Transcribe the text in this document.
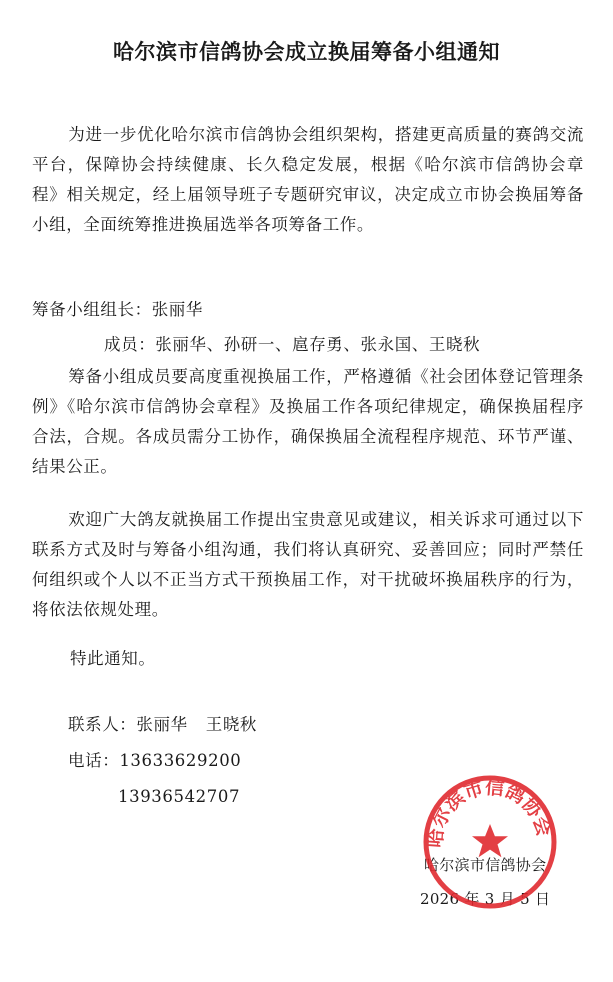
哈尔滨市信鸽协会成立换届筹备小组通知

为进一步优化哈尔滨市信鸽协会组织架构，搭建更高质量的赛鸽交流平台，保障协会持续健康、长久稳定发展，根据《哈尔滨市信鸽协会章程》相关规定，经上届领导班子专题研究审议，决定成立市协会换届筹备小组，全面统筹推进换届选举各项筹备工作。

筹备小组组长：张丽华

成员：张丽华、孙研一、扈存勇、张永国、王晓秋

筹备小组成员要高度重视换届工作，严格遵循《社会团体登记管理条例》《哈尔滨市信鸽协会章程》及换届工作各项纪律规定，确保换届程序合法，合规。各成员需分工协作，确保换届全流程程序规范、环节严谨、结果公正。

欢迎广大鸽友就换届工作提出宝贵意见或建议，相关诉求可通过以下联系方式及时与筹备小组沟通，我们将认真研究、妥善回应；同时严禁任何组织或个人以不正当方式干预换届工作，对干扰破坏换届秩序的行为，将依法依规处理。

特此通知。

联系人：张丽华 王晓秋

电话：13633629200

13936542707

哈尔滨市信鸽协会

2026 年 3 月 5 日

哈尔滨市信鸽协会
